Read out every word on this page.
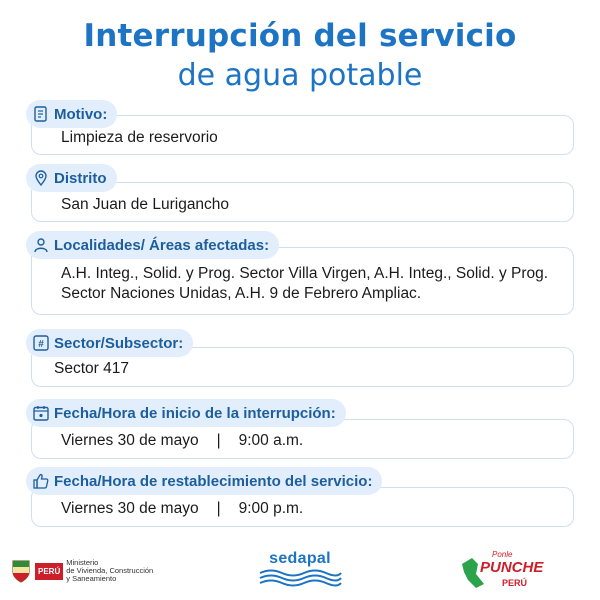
Interrupción del servicio
de agua potable
Limpieza de reservorio
Motivo:
San Juan de Lurigancho
Distrito
A.H. Integ., Solid. y Prog. Sector Villa Virgen, A.H. Integ., Solid. y Prog.
Sector Naciones Unidas, A.H. 9 de Febrero Ampliac.
Localidades/ Áreas afectadas:
Sector 417
# Sector/Subsector:
Viernes 30 de mayo | 9:00 a.m.
Fecha/Hora de inicio de la interrupción:
Viernes 30 de mayo | 9:00 p.m.
Fecha/Hora de restablecimiento del servicio:
PERÚ
Ministerio
de Vivienda, Construcción
y Saneamiento
sedapal	Ponle
PUNCHE
PERÚ
